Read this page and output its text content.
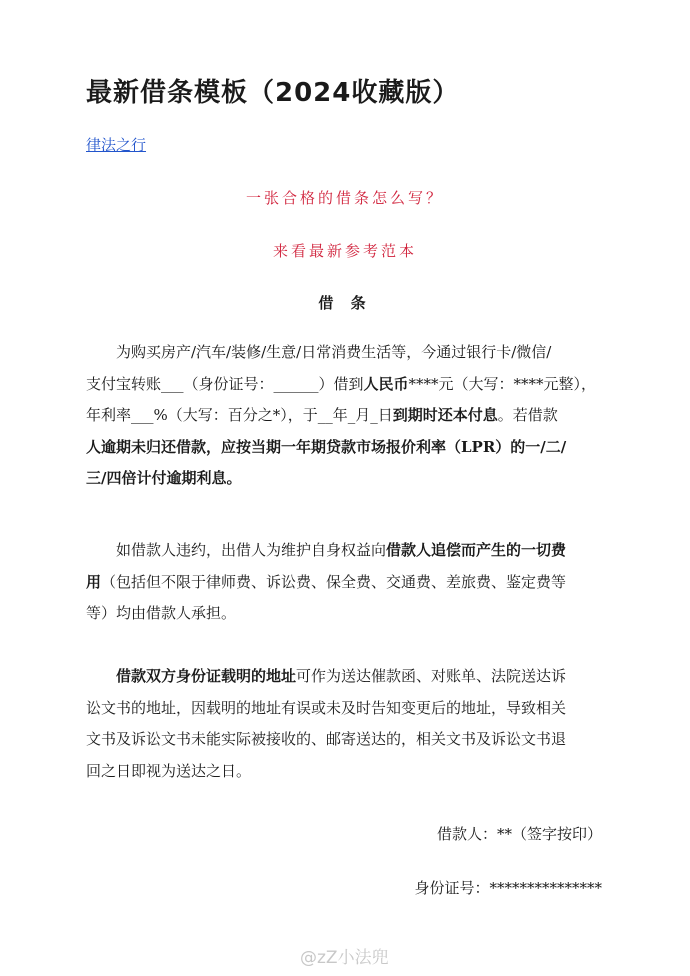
最新借条模板（2024收藏版）
律法之行
一张合格的借条怎么写？
来看最新参考范本
借 条
为购买房产/汽车/装修/生意/日常消费生活等，今通过银行卡/微信/
支付宝转账___（身份证号：______）借到人民币****元（大写：****元整），
年利率___%（大写：百分之*），于__年_月_日到期时还本付息。若借款
人逾期未归还借款，应按当期一年期贷款市场报价利率（LPR）的一/二/
三/四倍计付逾期利息。
如借款人违约，出借人为维护自身权益向借款人追偿而产生的一切费
用（包括但不限于律师费、诉讼费、保全费、交通费、差旅费、鉴定费等
等）均由借款人承担。
借款双方身份证载明的地址可作为送达催款函、对账单、法院送达诉
讼文书的地址，因载明的地址有误或未及时告知变更后的地址，导致相关
文书及诉讼文书未能实际被接收的、邮寄送达的，相关文书及诉讼文书退
回之日即视为送达之日。
借款人：**（签字按印）
身份证号：***************
@zZ小法兜
